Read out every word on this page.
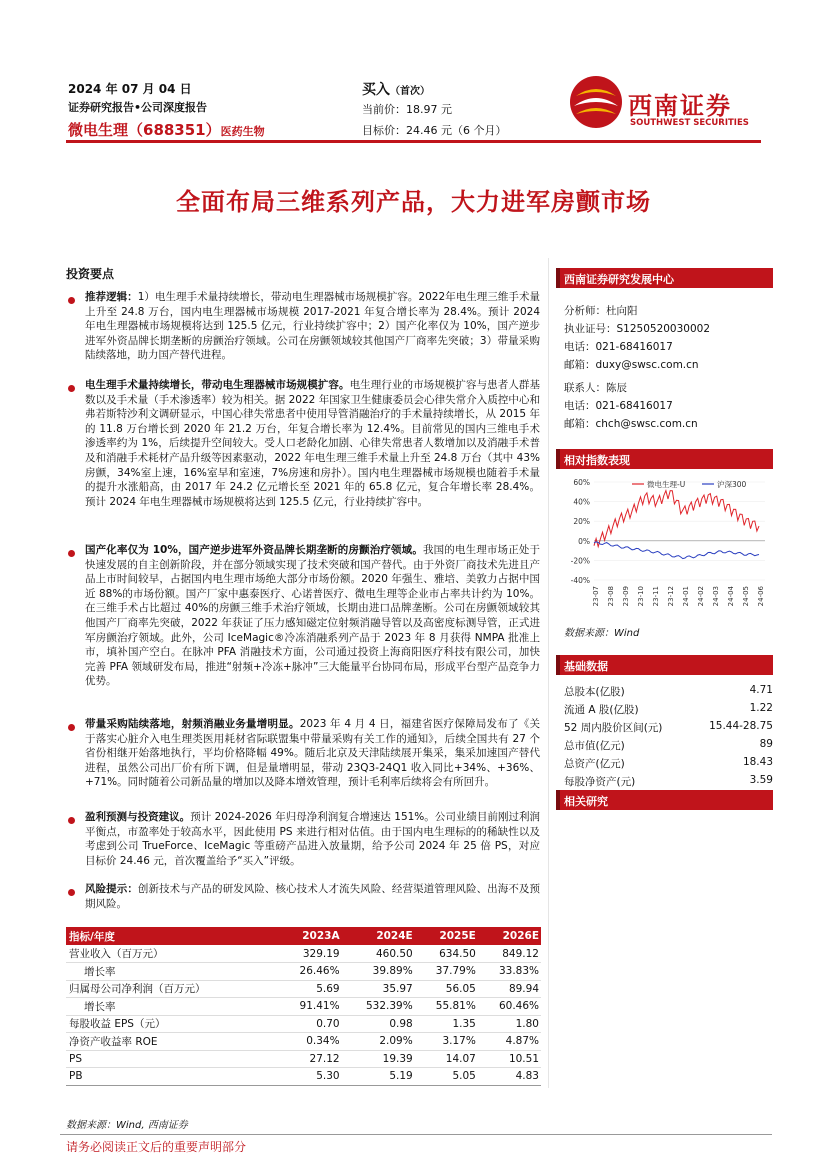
2024 年 07 月 04 日
证券研究报告•公司深度报告
微电生理（688351）医药生物
买入（首次）
当前价：18.97 元
目标价：24.46 元（6 个月）
西南证券
SOUTHWEST SECURITIES
全面布局三维系列产品，大力进军房颤市场
投资要点
推荐逻辑：1）电生理手术量持续增长，带动电生理器械市场规模扩容。2022年电生理三维手术量上升至 24.8 万台，国内电生理器械市场规模 2017-2021 年复合增长率为 28.4%。预计 2024 年电生理器械市场规模将达到 125.5 亿元，行业持续扩容中；2）国产化率仅为 10%，国产逆步进军外资品牌长期垄断的房颤治疗领域。公司在房颤领域较其他国产厂商率先突破；3）带量采购陆续落地，助力国产替代进程。
电生理手术量持续增长，带动电生理器械市场规模扩容。电生理行业的市场规模扩容与患者人群基数以及手术量（手术渗透率）较为相关。据 2022 年国家卫生健康委员会心律失常介入质控中心和弗若斯特沙利文调研显示，中国心律失常患者中使用导管消融治疗的手术量持续增长，从 2015 年的 11.8 万台增长到 2020 年 21.2 万台，年复合增长率为 12.4%。目前常见的国内三维电手术渗透率约为 1%，后续提升空间较大。受人口老龄化加剧、心律失常患者人数增加以及消融手术普及和消融手术耗材产品升级等因素驱动，2022 年电生理三维手术量上升至 24.8 万台（其中 43%房颤，34%室上速，16%室早和室速，7%房速和房扑）。国内电生理器械市场规模也随着手术量的提升水涨船高，由 2017 年 24.2 亿元增长至 2021 年的 65.8 亿元，复合年增长率 28.4%。预计 2024 年电生理器械市场规模将达到 125.5 亿元，行业持续扩容中。
国产化率仅为 10%，国产逆步进军外资品牌长期垄断的房颤治疗领域。我国的电生理市场正处于快速发展的自主创新阶段，并在部分领域实现了技术突破和国产替代。由于外资厂商技术先进且产品上市时间较早，占据国内电生理市场绝大部分市场份额。2020 年强生、雅培、美敦力占据中国近 88%的市场份额。国产厂家中惠泰医疗、心诺普医疗、微电生理等企业市占率共计约为 10%。在三维手术占比超过 40%的房颤三维手术治疗领域，长期由进口品牌垄断。公司在房颤领域较其他国产厂商率先突破，2022 年获证了压力感知磁定位射频消融导管以及高密度标测导管，正式进军房颤治疗领域。此外，公司 IceMagic®冷冻消融系列产品于 2023 年 8 月获得 NMPA 批准上市，填补国产空白。在脉冲 PFA 消融技术方面，公司通过投资上海商阳医疗科技有限公司，加快完善 PFA 领域研发布局，推进“射频+冷冻+脉冲”三大能量平台协同布局，形成平台型产品竞争力优势。
带量采购陆续落地，射频消融业务量增明显。2023 年 4 月 4 日，福建省医疗保障局发布了《关于落实心脏介入电生理类医用耗材省际联盟集中带量采购有关工作的通知》，后续全国共有 27 个省份相继开始落地执行，平均价格降幅 49%。随后北京及天津陆续展开集采，集采加速国产替代进程，虽然公司出厂价有所下调，但是量增明显，带动 23Q3-24Q1 收入同比+34%、+36%、+71%。同时随着公司新品量的增加以及降本增效管理，预计毛利率后续将会有所回升。
盈利预测与投资建议。预计 2024-2026 年归母净利润复合增速达 151%。公司业绩目前刚过利润平衡点，市盈率处于较高水平，因此使用 PS 来进行相对估值。由于国内电生理标的的稀缺性以及考虑到公司 TrueForce、IceMagic 等重磅产品进入放量期，给予公司 2024 年 25 倍 PS，对应目标价 24.46 元，首次覆盖给予“买入”评级。
风险提示：创新技术与产品的研发风险、核心技术人才流失风险、经营渠道管理风险、出海不及预期风险。
指标/年度	2023A	2024E	2025E	2026E
营业收入（百万元）	329.19	460.50	634.50	849.12
增长率	26.46%	39.89%	37.79%	33.83%
归属母公司净利润（百万元）	5.69	35.97	56.05	89.94
增长率	91.41%	532.39%	55.81%	60.46%
每股收益 EPS（元）	0.70	0.98	1.35	1.80
净资产收益率 ROE	0.34%	2.09%	3.17%	4.87%
PS	27.12	19.39	14.07	10.51
PB	5.30	5.19	5.05	4.83
数据来源：Wind, 西南证券
西南证券研究发展中心
分析师：杜向阳
执业证号：S1250520030002
电话：021-68416017
邮箱：duxy@swsc.com.cn
联系人：陈辰
电话：021-68416017
邮箱：chch@swsc.com.cn
相对指数表现
60%
40%
20%
0%
-20%
-40%
23-07 23-08 23-09 23-10 23-11 23-12 24-01 24-02 24-03 24-04 24-05 24-06
微电生理-U	沪深300
数据来源：Wind
基础数据
总股本(亿股)	4.71
流通 A 股(亿股)	1.22
52 周内股价区间(元)	15.44-28.75
总市值(亿元)	89
总资产(亿元)	18.43
每股净资产(元)	3.59
相关研究
请务必阅读正文后的重要声明部分
